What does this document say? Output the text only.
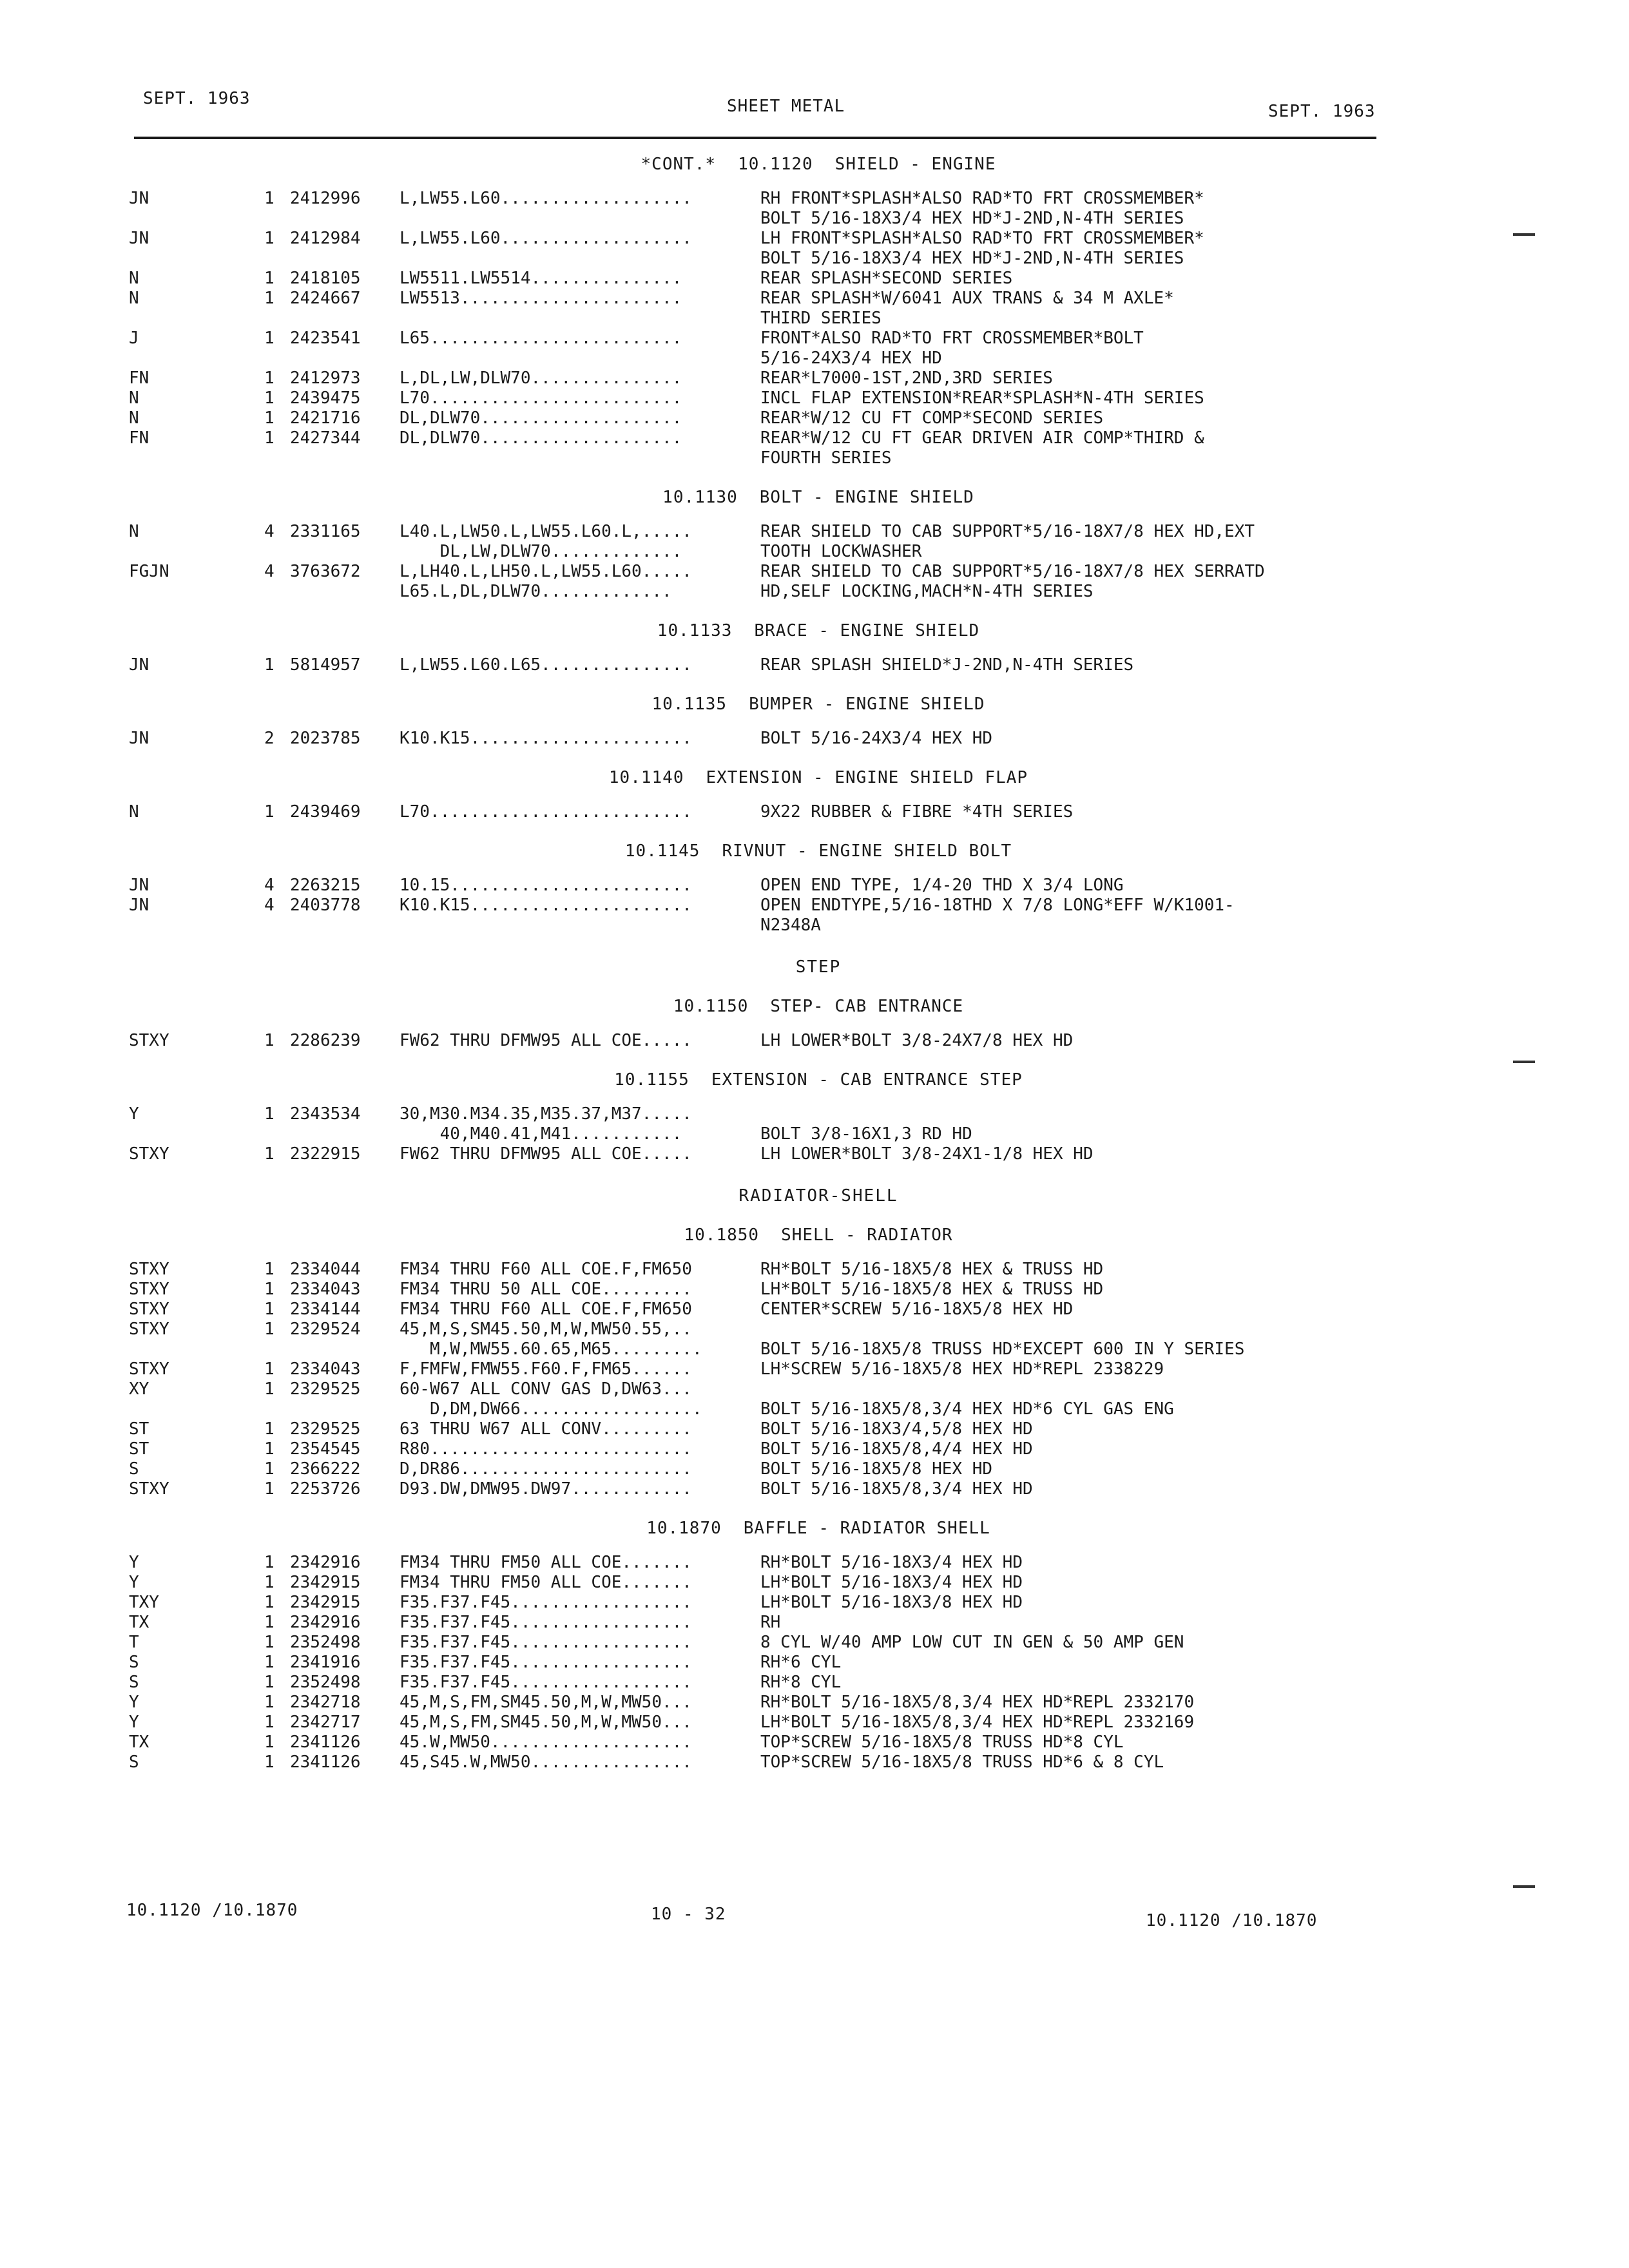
SEPT. 1963	SHEET METAL	SEPT. 1963
*CONT.* 10.1120 SHIELD - ENGINE
JN	1 2412996	L,LW55.L60...................	RH FRONT*SPLASH*ALSO RAD*TO FRT CROSSMEMBER*
BOLT 5/16-18X3/4 HEX HD*J-2ND,N-4TH SERIES
JN	1 2412984	L,LW55.L60...................	LH FRONT*SPLASH*ALSO RAD*TO FRT CROSSMEMBER*
BOLT 5/16-18X3/4 HEX HD*J-2ND,N-4TH SERIES
N	1 2418105	LW5511.LW5514...............	REAR SPLASH*SECOND SERIES
N	1 2424667	LW5513......................	REAR SPLASH*W/6041 AUX TRANS & 34 M AXLE*
THIRD SERIES
J	1 2423541	L65.........................	FRONT*ALSO RAD*TO FRT CROSSMEMBER*BOLT
5/16-24X3/4 HEX HD
FN	1 2412973	L,DL,LW,DLW70...............	REAR*L7000-1ST,2ND,3RD SERIES
N	1 2439475	L70.........................	INCL FLAP EXTENSION*REAR*SPLASH*N-4TH SERIES
N	1 2421716	DL,DLW70....................	REAR*W/12 CU FT COMP*SECOND SERIES
FN	1 2427344	DL,DLW70....................	REAR*W/12 CU FT GEAR DRIVEN AIR COMP*THIRD &
FOURTH SERIES
10.1130 BOLT - ENGINE SHIELD
N	4 2331165	L40.L,LW50.L,LW55.L60.L,.....	REAR SHIELD TO CAB SUPPORT*5/16-18X7/8 HEX HD,EXT
DL,LW,DLW70.............	TOOTH LOCKWASHER
FGJN	4 3763672	L,LH40.L,LH50.L,LW55.L60.....	REAR SHIELD TO CAB SUPPORT*5/16-18X7/8 HEX SERRATD
L65.L,DL,DLW70.............	HD,SELF LOCKING,MACH*N-4TH SERIES
10.1133 BRACE - ENGINE SHIELD
JN	1 5814957	L,LW55.L60.L65...............	REAR SPLASH SHIELD*J-2ND,N-4TH SERIES
10.1135 BUMPER - ENGINE SHIELD
JN	2 2023785	K10.K15......................	BOLT 5/16-24X3/4 HEX HD
10.1140 EXTENSION - ENGINE SHIELD FLAP
N	1 2439469	L70..........................	9X22 RUBBER & FIBRE *4TH SERIES
10.1145 RIVNUT - ENGINE SHIELD BOLT
JN	4 2263215	10.15........................	OPEN END TYPE, 1/4-20 THD X 3/4 LONG
JN	4 2403778	K10.K15......................	OPEN ENDTYPE,5/16-18THD X 7/8 LONG*EFF W/K1001-
N2348A
STEP
10.1150 STEP- CAB ENTRANCE
STXY	1 2286239	FW62 THRU DFMW95 ALL COE.....	LH LOWER*BOLT 3/8-24X7/8 HEX HD
10.1155 EXTENSION - CAB ENTRANCE STEP
Y	1 2343534	30,M30.M34.35,M35.37,M37.....
40,M40.41,M41...........	BOLT 3/8-16X1,3 RD HD
STXY	1 2322915	FW62 THRU DFMW95 ALL COE.....	LH LOWER*BOLT 3/8-24X1-1/8 HEX HD
RADIATOR-SHELL
10.1850 SHELL - RADIATOR
STXY	1 2334044	FM34 THRU F60 ALL COE.F,FM650	RH*BOLT 5/16-18X5/8 HEX & TRUSS HD
STXY	1 2334043	FM34 THRU 50 ALL COE.........	LH*BOLT 5/16-18X5/8 HEX & TRUSS HD
STXY	1 2334144	FM34 THRU F60 ALL COE.F,FM650	CENTER*SCREW 5/16-18X5/8 HEX HD
STXY	1 2329524	45,M,S,SM45.50,M,W,MW50.55,..
M,W,MW55.60.65,M65.........	BOLT 5/16-18X5/8 TRUSS HD*EXCEPT 600 IN Y SERIES
STXY	1 2334043	F,FMFW,FMW55.F60.F,FM65......	LH*SCREW 5/16-18X5/8 HEX HD*REPL 2338229
XY	1 2329525	60-W67 ALL CONV GAS D,DW63...
D,DM,DW66..................	BOLT 5/16-18X5/8,3/4 HEX HD*6 CYL GAS ENG
ST	1 2329525	63 THRU W67 ALL CONV.........	BOLT 5/16-18X3/4,5/8 HEX HD
ST	1 2354545	R80..........................	BOLT 5/16-18X5/8,4/4 HEX HD
S	1 2366222	D,DR86.......................	BOLT 5/16-18X5/8 HEX HD
STXY	1 2253726	D93.DW,DMW95.DW97............	BOLT 5/16-18X5/8,3/4 HEX HD
10.1870 BAFFLE - RADIATOR SHELL
Y	1 2342916	FM34 THRU FM50 ALL COE.......	RH*BOLT 5/16-18X3/4 HEX HD
Y	1 2342915	FM34 THRU FM50 ALL COE.......	LH*BOLT 5/16-18X3/4 HEX HD
TXY	1 2342915	F35.F37.F45..................	LH*BOLT 5/16-18X3/8 HEX HD
TX	1 2342916	F35.F37.F45..................	RH
T	1 2352498	F35.F37.F45..................	8 CYL W/40 AMP LOW CUT IN GEN & 50 AMP GEN
S	1 2341916	F35.F37.F45..................	RH*6 CYL
S	1 2352498	F35.F37.F45..................	RH*8 CYL
Y	1 2342718	45,M,S,FM,SM45.50,M,W,MW50...	RH*BOLT 5/16-18X5/8,3/4 HEX HD*REPL 2332170
Y	1 2342717	45,M,S,FM,SM45.50,M,W,MW50...	LH*BOLT 5/16-18X5/8,3/4 HEX HD*REPL 2332169
TX	1 2341126	45.W,MW50....................	TOP*SCREW 5/16-18X5/8 TRUSS HD*8 CYL
S	1 2341126	45,S45.W,MW50................	TOP*SCREW 5/16-18X5/8 TRUSS HD*6 & 8 CYL
10.1120 /10.1870	10 - 32	10.1120 /10.1870
